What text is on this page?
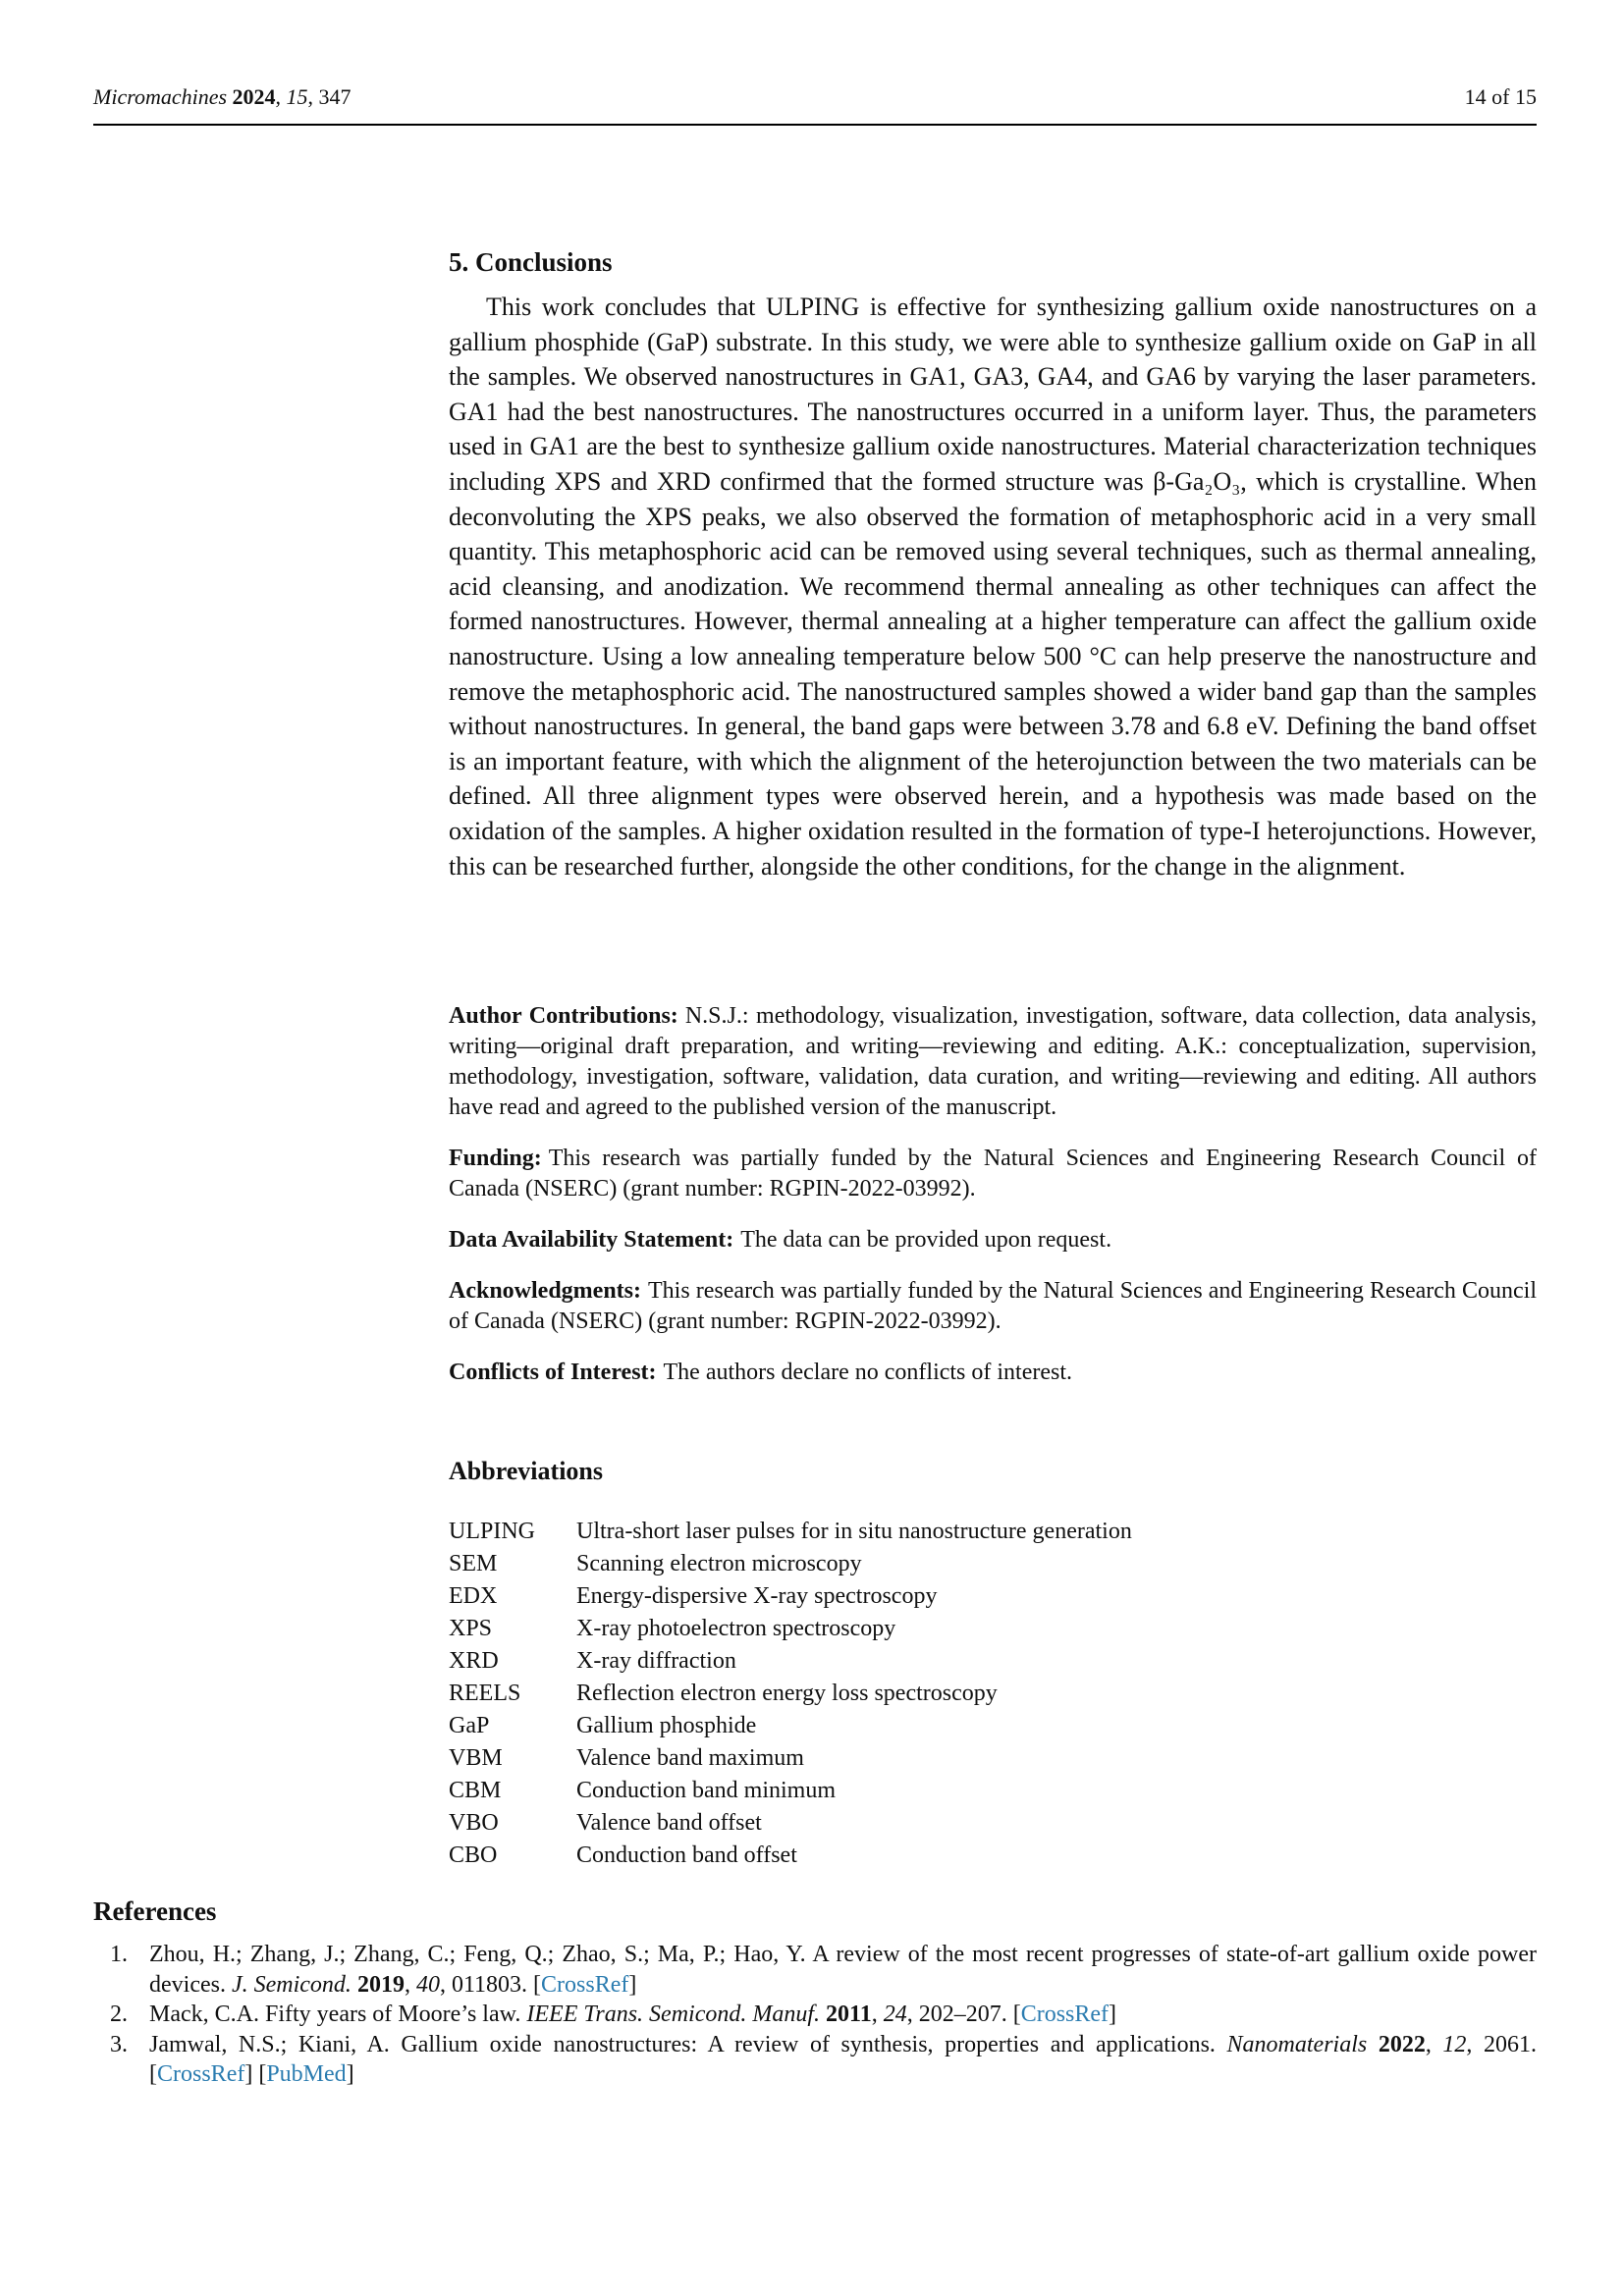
Micromachines 2024, 15, 347	14 of 15
5. Conclusions

This work concludes that ULPING is effective for synthesizing gallium oxide nanostructures on a gallium phosphide (GaP) substrate. In this study, we were able to synthesize gallium oxide on GaP in all the samples. We observed nanostructures in GA1, GA3, GA4, and GA6 by varying the laser parameters. GA1 had the best nanostructures. The nanostructures occurred in a uniform layer. Thus, the parameters used in GA1 are the best to synthesize gallium oxide nanostructures. Material characterization techniques including XPS and XRD confirmed that the formed structure was β-Ga₂O₃, which is crystalline. When deconvoluting the XPS peaks, we also observed the formation of metaphosphoric acid in a very small quantity. This metaphosphoric acid can be removed using several techniques, such as thermal annealing, acid cleansing, and anodization. We recommend thermal annealing as other techniques can affect the formed nanostructures. However, thermal annealing at a higher temperature can affect the gallium oxide nanostructure. Using a low annealing temperature below 500 °C can help preserve the nanostructure and remove the metaphosphoric acid. The nanostructured samples showed a wider band gap than the samples without nanostructures. In general, the band gaps were between 3.78 and 6.8 eV. Defining the band offset is an important feature, with which the alignment of the heterojunction between the two materials can be defined. All three alignment types were observed herein, and a hypothesis was made based on the oxidation of the samples. A higher oxidation resulted in the formation of type-I heterojunctions. However, this can be researched further, alongside the other conditions, for the change in the alignment.

Author Contributions: N.S.J.: methodology, visualization, investigation, software, data collection, data analysis, writing—original draft preparation, and writing—reviewing and editing. A.K.: conceptualization, supervision, methodology, investigation, software, validation, data curation, and writing—reviewing and editing. All authors have read and agreed to the published version of the manuscript.

Funding: This research was partially funded by the Natural Sciences and Engineering Research Council of Canada (NSERC) (grant number: RGPIN-2022-03992).

Data Availability Statement: The data can be provided upon request.

Acknowledgments: This research was partially funded by the Natural Sciences and Engineering Research Council of Canada (NSERC) (grant number: RGPIN-2022-03992).

Conflicts of Interest: The authors declare no conflicts of interest.

Abbreviations
ULPING	Ultra-short laser pulses for in situ nanostructure generation
SEM	Scanning electron microscopy
EDX	Energy-dispersive X-ray spectroscopy
XPS	X-ray photoelectron spectroscopy
XRD	X-ray diffraction
REELS	Reflection electron energy loss spectroscopy
GaP	Gallium phosphide
VBM	Valence band maximum
CBM	Conduction band minimum
VBO	Valence band offset
CBO	Conduction band offset
References
1. Zhou, H.; Zhang, J.; Zhang, C.; Feng, Q.; Zhao, S.; Ma, P.; Hao, Y. A review of the most recent progresses of state-of-art gallium oxide power devices. J. Semicond. 2019, 40, 011803. [CrossRef]
2. Mack, C.A. Fifty years of Moore’s law. IEEE Trans. Semicond. Manuf. 2011, 24, 202–207. [CrossRef]
3. Jamwal, N.S.; Kiani, A. Gallium oxide nanostructures: A review of synthesis, properties and applications. Nanomaterials 2022, 12, 2061. [CrossRef] [PubMed]
